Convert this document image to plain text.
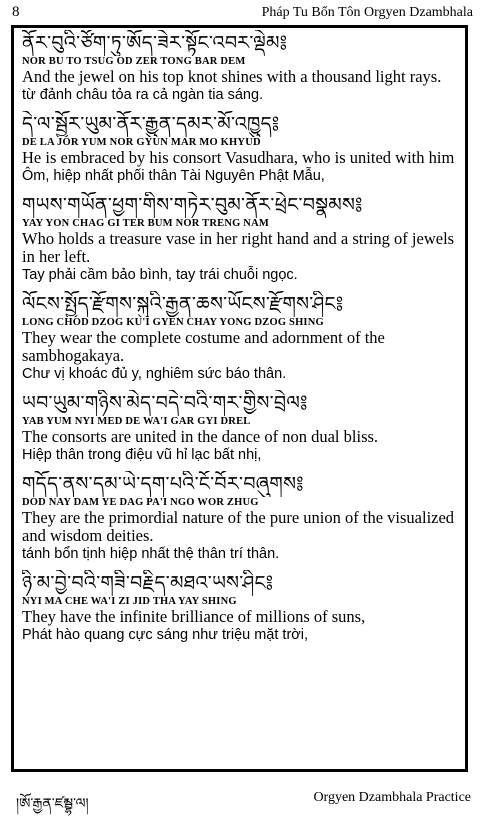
8	Pháp Tu Bổn Tôn Orgyen Dzambhala
ནོར་བུའི་ཙོག་ཏུ་ཨོད་ཟེར་སྟོང་འབར་ལྡེམ༔
NOR BU TO TSUG OD ZER TONG BAR DEM
And the jewel on his top knot shines with a thousand light rays.
từ đảnh châu tỏa ra cả ngàn tia sáng.
དེ་ལ་སྦྱོར་ཡུམ་ནོར་རྒྱུན་དམར་མོ་འཁྱུད༔
DE LA JOR YUM NOR GYUN MAR MO KHYUD
He is embraced by his consort Vasudhara, who is united with him
Ôm, hiệp nhất phối thân Tài Nguyên Phật Mẫu,
གཡས་གཡོན་ཕྱག་གིས་གཏེར་བུམ་ནོར་ཕྲེང་བསྣམས༔
YAY YON CHAG GI TER BUM NOR TRENG NAM
Who holds a treasure vase in her right hand and a string of jewels in her left.
Tay phải cầm bảo bình, tay trái chuỗi ngọc.
ལོངས་སྤྱོད་རྫོགས་སྐུའི་རྒྱན་ཆས་ཡོངས་རྫོགས་ཤིང༔
LONG CHOD DZOG KU'I GYEN CHAY YONG DZOG SHING
They wear the complete costume and adornment of the sambhogakaya.
Chư vị khoác đủ y, nghiêm sức báo thân.
ཡབ་ཡུམ་གཉིས་མེད་བདེ་བའི་གར་གྱིས་བྲེལ༔
YAB YUM NYI MED DE WA'I GAR GYI DREL
The consorts are united in the dance of non dual bliss.
Hiệp thân trong điệu vũ hỉ lạc bất nhị,
གདོད་ནས་དམ་ཡེ་དག་པའི་ངོ་བོར་བཞུགས༔
DOD NAY DAM YE DAG PA'I NGO WOR ZHUG
They are the primordial nature of the pure union of the visualized and wisdom deities.
tánh bổn tịnh hiệp nhất thệ thân trí thân.
ཉི་མ་བྱེ་བའི་གཟི་བརྗིད་མཐའ་ཡས་ཤིང༔
NYI MA CHE WA'I ZI JID THA YAY SHING
They have the infinite brilliance of millions of suns,
Phát hào quang cực sáng như triệu mặt trời,
།ཨོ་རྒྱན་ཛམྦྷ་ལ།	Orgyen Dzambhala Practice
